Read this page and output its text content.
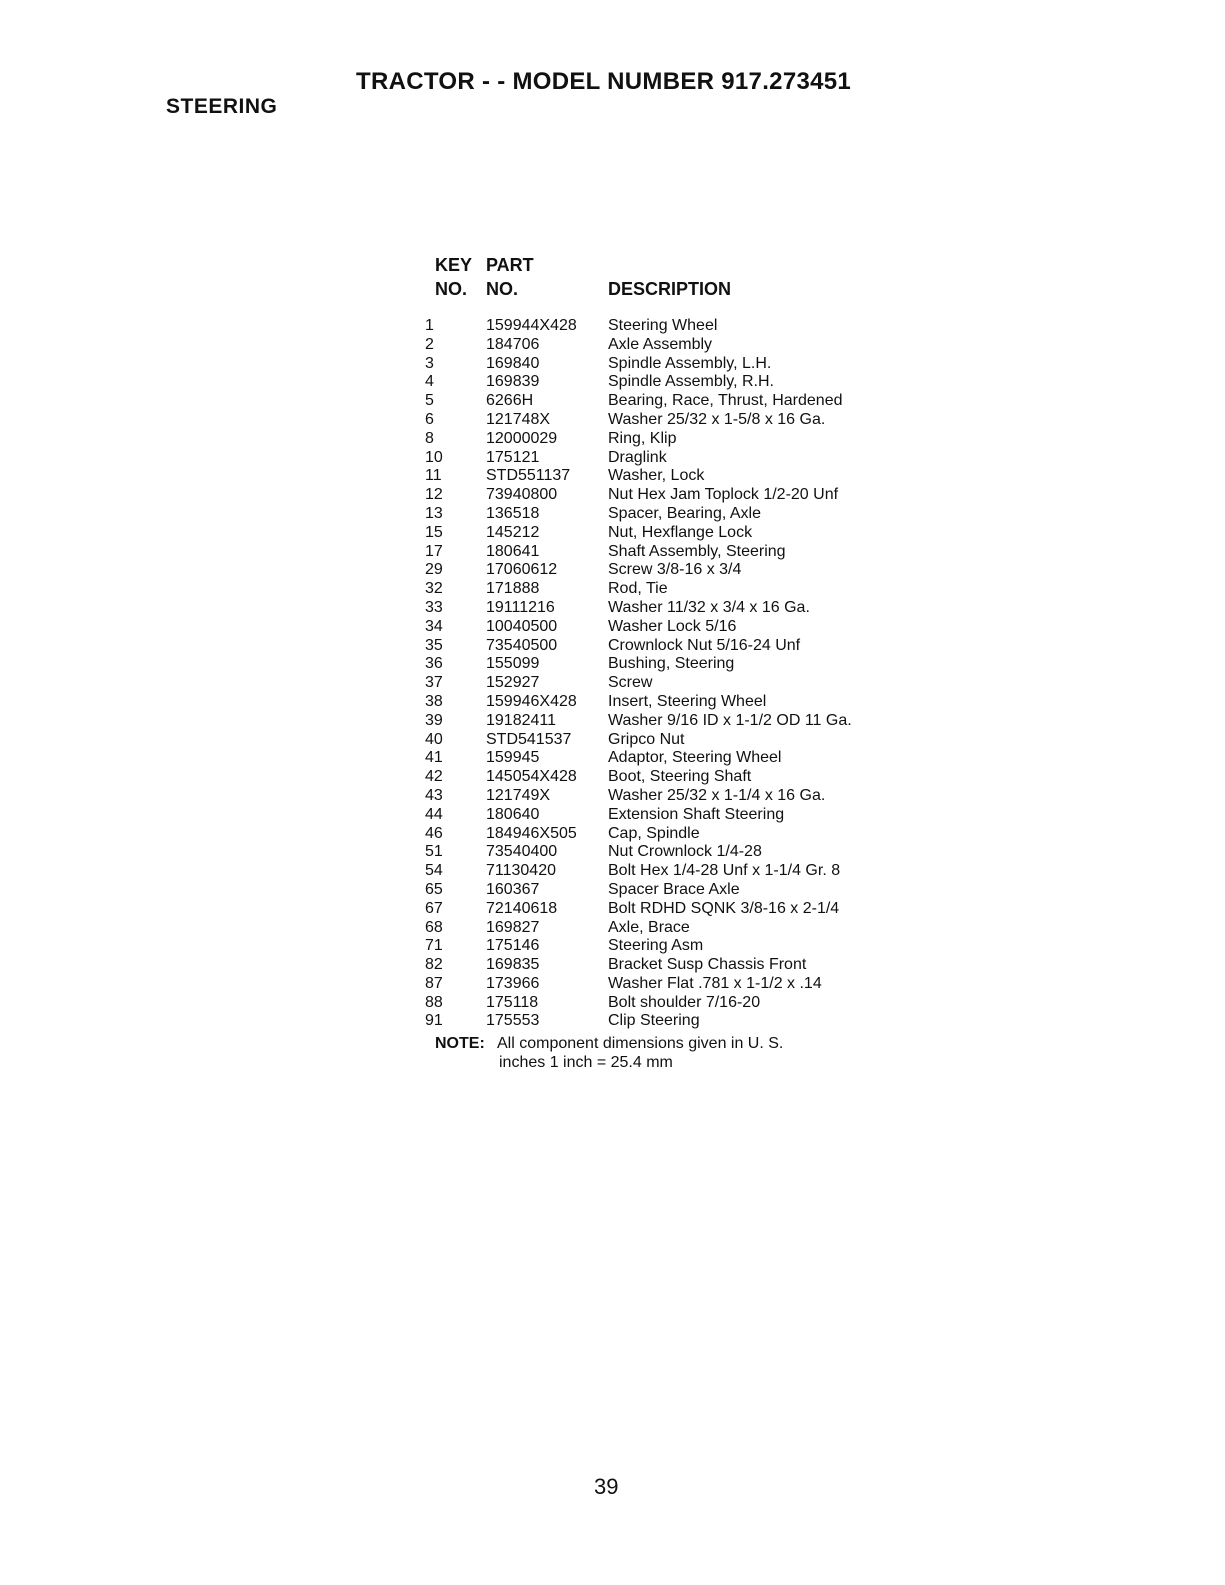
TRACTOR - - MODEL NUMBER 917.273451
STEERING
KEY PART
NO. NO.	DESCRIPTION
1	159944X428 Steering Wheel
2	184706	Axle Assembly
3	169840	Spindle Assembly, L.H.
4	169839	Spindle Assembly, R.H.
5	6266H	Bearing, Race, Thrust, Hardened
6	121748X	Washer 25/32 x 1-5/8 x 16 Ga.
8	12000029	Ring, Klip
10	175121	Draglink
11	STD551137 Washer, Lock
12	73940800	Nut Hex Jam Toplock 1/2-20 Unf
13	136518	Spacer, Bearing, Axle
15	145212	Nut, Hexflange Lock
17	180641	Shaft Assembly, Steering
29	17060612	Screw 3/8-16 x 3/4
32	171888	Rod, Tie
33	19111216	Washer 11/32 x 3/4 x 16 Ga.
34	10040500	Washer Lock 5/16
35	73540500	Crownlock Nut 5/16-24 Unf
36	155099	Bushing, Steering
37	152927	Screw
38	159946X428 Insert, Steering Wheel
39	19182411	Washer 9/16 ID x 1-1/2 OD 11 Ga.
40	STD541537 Gripco Nut
41	159945	Adaptor, Steering Wheel
42	145054X428 Boot, Steering Shaft
43	121749X	Washer 25/32 x 1-1/4 x 16 Ga.
44	180640	Extension Shaft Steering
46	184946X505 Cap, Spindle
51	73540400	Nut Crownlock 1/4-28
54	71130420	Bolt Hex 1/4-28 Unf x 1-1/4 Gr. 8
65	160367	Spacer Brace Axle
67	72140618	Bolt RDHD SQNK 3/8-16 x 2-1/4
68	169827	Axle, Brace
71	175146	Steering Asm
82	169835	Bracket Susp Chassis Front
87	173966	Washer Flat .781 x 1-1/2 x .14
88	175118	Bolt shoulder 7/16-20
91	175553	Clip Steering
NOTE: All component dimensions given in U. S.
inches 1 inch = 25.4 mm
39
